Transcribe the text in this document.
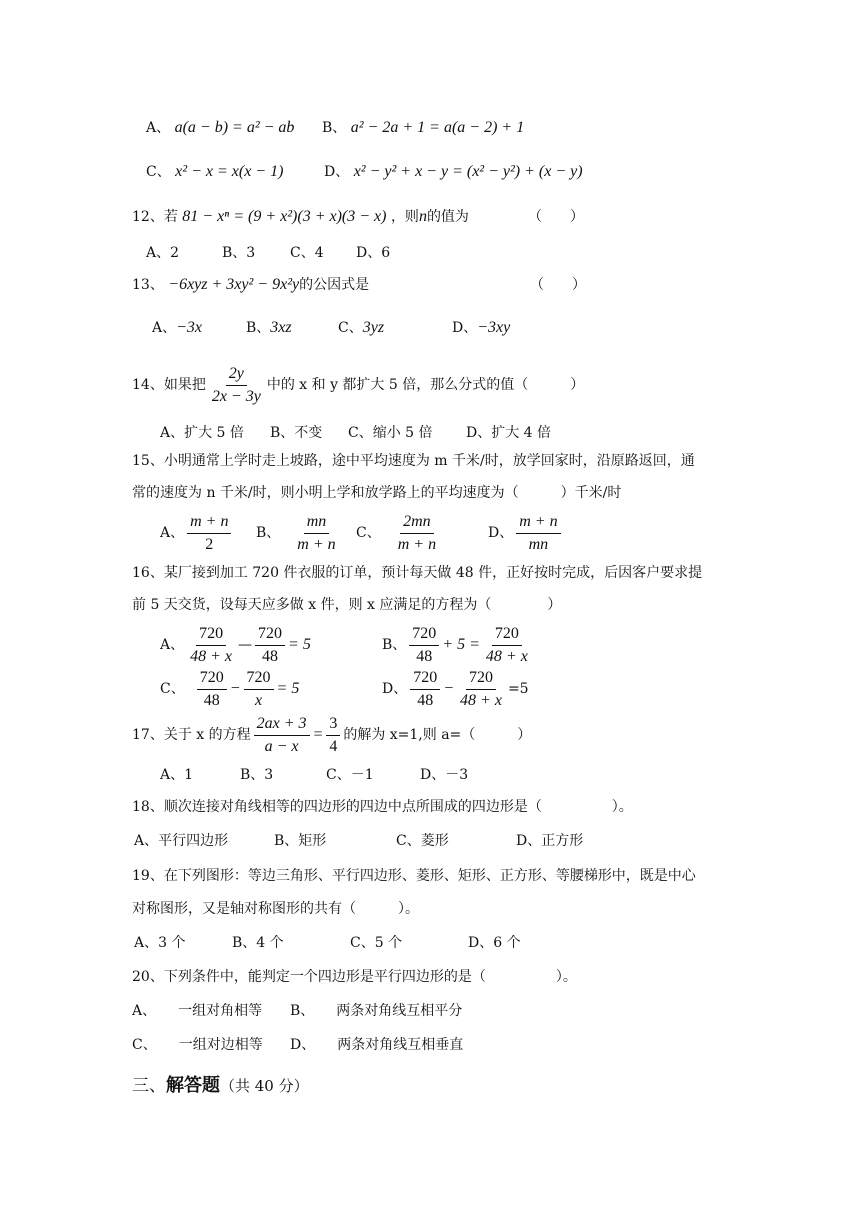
A、 a(a − b) = a² − ab B、 a² − 2a + 1 = a(a − 2) + 1
C、 x² − x = x(x − 1)	D、 x² − y² + x − y = (x² − y²) + (x − y)
12、若 81 − xⁿ = (9 + x²)(3 + x)(3 − x) ，则n的值为	（　　）
A、2	B、3 C、4 D、6
13、 −6xyz + 3xy² − 9x²y的公因式是	（　　）
A、−3x	B、3xz	C、3yz	D、−3xy
14、如果把 $\frac{2y}{2x - 3y}$ 中的 x 和 y 都扩大 5 倍，那么分式的值（　　　）
A、扩大 5 倍 B、不变 C、缩小 5 倍 D、扩大 4 倍
15、小明通常上学时走上坡路，途中平均速度为 m 千米/时，放学回家时，沿原路返回，通
常的速度为 n 千米/时，则小明上学和放学路上的平均速度为（　　　）千米/时
A、 $\frac{m + n}{2}$ B、 $\frac{mn}{m + n}$ C、 $\frac{2mn}{m + n}$	D、 $\frac{m + n}{mn}$
16、某厂接到加工 720 件衣服的订单，预计每天做 48 件，正好按时完成，后因客户要求提
前 5 天交货，设每天应多做 x 件，则 x 应满足的方程为（　　　　）
A、 $\frac{720}{48 + x}$ — $\frac{720}{48} = 5$	B、 $\frac{720}{48} + 5 = \frac{720}{48 + x}$
C、 $\frac{720}{48} - \frac{720}{x} = 5$	D、 $\frac{720}{48} - \frac{720}{48 + x} =5$
17、关于 x 的方程 $\frac{2ax + 3}{a - x} = \frac{3}{4}$ 的解为 x=1,则 a=（　　　）
A、1	B、3	C、－1	D、－3
18、顺次连接对角线相等的四边形的四边中点所围成的四边形是（　　　　　）。
A、平行四边形	B、矩形	C、菱形	D、正方形
19、在下列图形：等边三角形、平行四边形、菱形、矩形、正方形、等腰梯形中，既是中心
对称图形，又是轴对称图形的共有（　　　）。
A、3 个	B、4 个	C、5 个	D、6 个
20、下列条件中，能判定一个四边形是平行四边形的是（　　　　　）。
A、 一组对角相等 B、 两条对角线互相平分
C、 一组对边相等 D、 两条对角线互相垂直
三、解答题（共 40 分）
